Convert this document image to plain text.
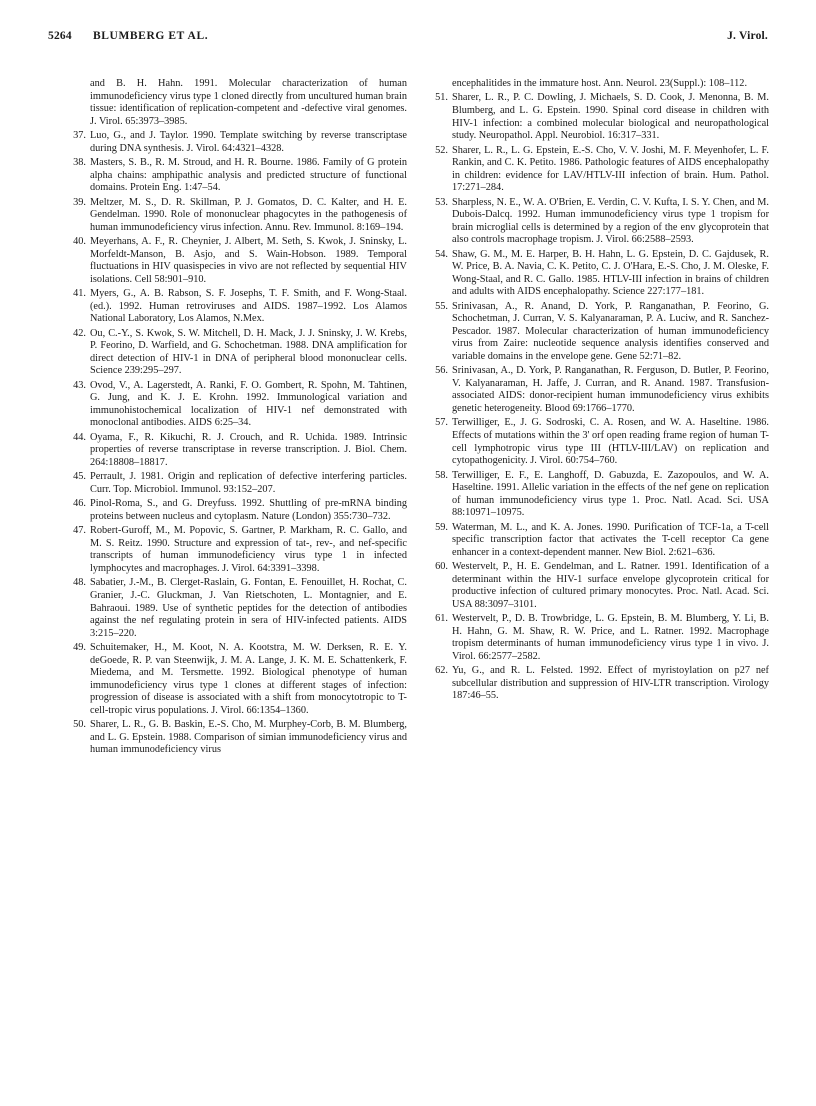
5264 BLUMBERG ET AL.	J. Virol.
and B. H. Hahn. 1991. Molecular characterization of human immunodeficiency virus type 1 cloned directly from uncultured human brain tissue: identification of replication-competent and -defective viral genomes. J. Virol. 65:3973–3985.
37. Luo, G., and J. Taylor. 1990. Template switching by reverse transcriptase during DNA synthesis. J. Virol. 64:4321–4328.
38. Masters, S. B., R. M. Stroud, and H. R. Bourne. 1986. Family of G protein alpha chains: amphipathic analysis and predicted structure of functional domains. Protein Eng. 1:47–54.
39. Meltzer, M. S., D. R. Skillman, P. J. Gomatos, D. C. Kalter, and H. E. Gendelman. 1990. Role of mononuclear phagocytes in the pathogenesis of human immunodeficiency virus infection. Annu. Rev. Immunol. 8:169–194.
40. Meyerhans, A. F., R. Cheynier, J. Albert, M. Seth, S. Kwok, J. Sninsky, L. Morfeldt-Manson, B. Asjo, and S. Wain-Hobson. 1989. Temporal fluctuations in HIV quasispecies in vivo are not reflected by sequential HIV isolations. Cell 58:901–910.
41. Myers, G., A. B. Rabson, S. F. Josephs, T. F. Smith, and F. Wong-Staal. (ed.). 1992. Human retroviruses and AIDS. 1987–1992. Los Alamos National Laboratory, Los Alamos, N.Mex.
42. Ou, C.-Y., S. Kwok, S. W. Mitchell, D. H. Mack, J. J. Sninsky, J. W. Krebs, P. Feorino, D. Warfield, and G. Schochetman. 1988. DNA amplification for direct detection of HIV-1 in DNA of peripheral blood mononuclear cells. Science 239:295–297.
43. Ovod, V., A. Lagerstedt, A. Ranki, F. O. Gombert, R. Spohn, M. Tahtinen, G. Jung, and K. J. E. Krohn. 1992. Immunological variation and immunohistochemical localization of HIV-1 nef demonstrated with monoclonal antibodies. AIDS 6:25–34.
44. Oyama, F., R. Kikuchi, R. J. Crouch, and R. Uchida. 1989. Intrinsic properties of reverse transcriptase in reverse transcription. J. Biol. Chem. 264:18808–18817.
45. Perrault, J. 1981. Origin and replication of defective interfering particles. Curr. Top. Microbiol. Immunol. 93:152–207.
46. Pinol-Roma, S., and G. Dreyfuss. 1992. Shuttling of pre-mRNA binding proteins between nucleus and cytoplasm. Nature (London) 355:730–732.
47. Robert-Guroff, M., M. Popovic, S. Gartner, P. Markham, R. C. Gallo, and M. S. Reitz. 1990. Structure and expression of tat-, rev-, and nef-specific transcripts of human immunodeficiency virus type 1 in infected lymphocytes and macrophages. J. Virol. 64:3391–3398.
48. Sabatier, J.-M., B. Clerget-Raslain, G. Fontan, E. Fenouillet, H. Rochat, C. Granier, J.-C. Gluckman, J. Van Rietschoten, L. Montagnier, and E. Bahraoui. 1989. Use of synthetic peptides for the detection of antibodies against the nef regulating protein in sera of HIV-infected patients. AIDS 3:215–220.
49. Schuitemaker, H., M. Koot, N. A. Kootstra, M. W. Derksen, R. E. Y. deGoede, R. P. van Steenwijk, J. M. A. Lange, J. K. M. E. Schattenkerk, F. Miedema, and M. Tersmette. 1992. Biological phenotype of human immunodeficiency virus type 1 clones at different stages of infection: progression of disease is associated with a shift from monocytotropic to T-cell-tropic virus populations. J. Virol. 66:1354–1360.
50. Sharer, L. R., G. B. Baskin, E.-S. Cho, M. Murphey-Corb, B. M. Blumberg, and L. G. Epstein. 1988. Comparison of simian immunodeficiency virus and human immunodeficiency virus
encephalitides in the immature host. Ann. Neurol. 23(Suppl.): 108–112.
51. Sharer, L. R., P. C. Dowling, J. Michaels, S. D. Cook, J. Menonna, B. M. Blumberg, and L. G. Epstein. 1990. Spinal cord disease in children with HIV-1 infection: a combined molecular biological and neuropathological study. Neuropathol. Appl. Neurobiol. 16:317–331.
52. Sharer, L. R., L. G. Epstein, E.-S. Cho, V. V. Joshi, M. F. Meyenhofer, L. F. Rankin, and C. K. Petito. 1986. Pathologic features of AIDS encephalopathy in children: evidence for LAV/HTLV-III infection of brain. Hum. Pathol. 17:271–284.
53. Sharpless, N. E., W. A. O'Brien, E. Verdin, C. V. Kufta, I. S. Y. Chen, and M. Dubois-Dalcq. 1992. Human immunodeficiency virus type 1 tropism for brain microglial cells is determined by a region of the env glycoprotein that also controls macrophage tropism. J. Virol. 66:2588–2593.
54. Shaw, G. M., M. E. Harper, B. H. Hahn, L. G. Epstein, D. C. Gajdusek, R. W. Price, B. A. Navia, C. K. Petito, C. J. O'Hara, E.-S. Cho, J. M. Oleske, F. Wong-Staal, and R. C. Gallo. 1985. HTLV-III infection in brains of children and adults with AIDS encephalopathy. Science 227:177–181.
55. Srinivasan, A., R. Anand, D. York, P. Ranganathan, P. Feorino, G. Schochetman, J. Curran, V. S. Kalyanaraman, P. A. Luciw, and R. Sanchez-Pescador. 1987. Molecular characterization of human immunodeficiency virus from Zaire: nucleotide sequence analysis identifies conserved and variable domains in the envelope gene. Gene 52:71–82.
56. Srinivasan, A., D. York, P. Ranganathan, R. Ferguson, D. Butler, P. Feorino, V. Kalyanaraman, H. Jaffe, J. Curran, and R. Anand. 1987. Transfusion-associated AIDS: donor-recipient human immunodeficiency virus exhibits genetic heterogeneity. Blood 69:1766–1770.
57. Terwilliger, E., J. G. Sodroski, C. A. Rosen, and W. A. Haseltine. 1986. Effects of mutations within the 3' orf open reading frame region of human T-cell lymphotropic virus type III (HTLV-III/LAV) on replication and cytopathogenicity. J. Virol. 60:754–760.
58. Terwilliger, E. F., E. Langhoff, D. Gabuzda, E. Zazopoulos, and W. A. Haseltine. 1991. Allelic variation in the effects of the nef gene on replication of human immunodeficiency virus type 1. Proc. Natl. Acad. Sci. USA 88:10971–10975.
59. Waterman, M. L., and K. A. Jones. 1990. Purification of TCF-1a, a T-cell specific transcription factor that activates the T-cell receptor Ca gene enhancer in a context-dependent manner. New Biol. 2:621–636.
60. Westervelt, P., H. E. Gendelman, and L. Ratner. 1991. Identification of a determinant within the HIV-1 surface envelope glycoprotein critical for productive infection of cultured primary monocytes. Proc. Natl. Acad. Sci. USA 88:3097–3101.
61. Westervelt, P., D. B. Trowbridge, L. G. Epstein, B. M. Blumberg, Y. Li, B. H. Hahn, G. M. Shaw, R. W. Price, and L. Ratner. 1992. Macrophage tropism determinants of human immunodeficiency virus type 1 in vivo. J. Virol. 66:2577–2582.
62. Yu, G., and R. L. Felsted. 1992. Effect of myristoylation on p27 nef subcellular distribution and suppression of HIV-LTR transcription. Virology 187:46–55.
